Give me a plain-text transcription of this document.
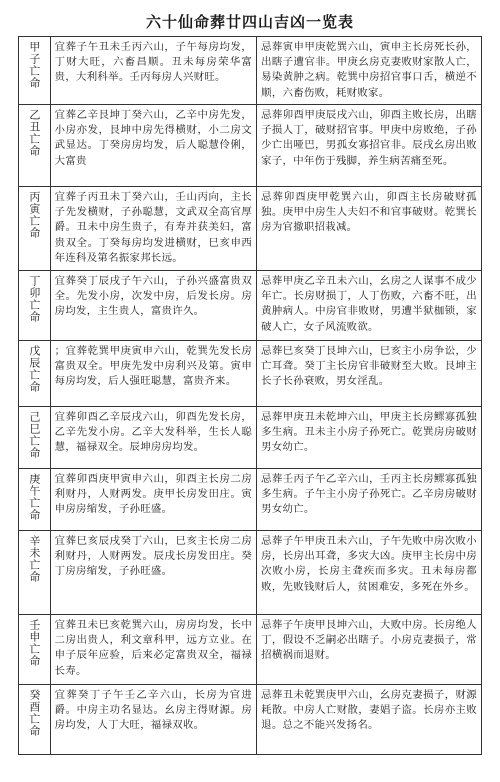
六十仙命葬廿四山吉凶一览表
甲子亡命	宜葬子午丑未壬丙六山，子午每房均发，丁财大旺，六畜昌顺。丑未每房荣华富贵，大利科举。壬丙每房人兴财旺。	忌葬寅申甲庚乾巽六山，寅申主长房死长孙，出瞎子遭官非。甲庚幺房克妻败财家散人亡，易染黄肿之病。乾巽中房招官事口舌，横逆不顺，六畜伤败，耗财败家。
乙丑亡命	宜葬乙辛艮坤丁癸六山，乙辛中房先发，小房亦发，艮坤中房先得横财，小二房文武显达。丁癸房房均发，后人聪慧伶俐，大富贵	忌葬卯酉甲庚辰戌六山，卯酉主败长房，出瞎子损人丁，破财招官事。甲庚中房败绝，子孙少亡出哑巴，男孤女寡招官非。辰戌幺房出败家子，中年伤于残脚，养生病苦痛至死。
丙寅亡命	宜葬子丙丑未丁癸六山，壬山丙向，主长子先发横财，子孙聪慧，文武双全高官厚爵。丑未中房生贵子，有寿并获美妇，富贵双全。丁癸每房均发进横财，巳亥申西年连科及第名振家邦长远。	忌葬卯酉庚甲乾巽六山，卯酉主长房破财孤独。庚甲中房生人夫妇不和官事破财。乾巽长房为官撤职招栽减。
丁卯亡命	宜葬癸丁辰戌子午六山，子孙兴盛富贵双全。先发小房，次发中房，后发长房。房房均发，主生贵人，富贵许久。	忌葬甲庚乙辛丑未六山，幺房之人谋事不成少年亡。长房财损丁，人丁伤败，六畜不旺，出黄肿病人。中房官非败财，男遭半狱枷锁，家破人亡，女子风流败欲。
戊辰亡命	；宜葬乾巽甲庚寅申六山，乾巽先发长房富贵双全。甲庚先发中房利兴及第。寅申每房均发，后人强旺聪慧，富贵齐来。	忌葬巳亥癸丁艮坤六山，巳亥主小房争讼，少亡耳聋。癸丁主长房官非破财至大败。艮坤主长子长孙衰败，男女淫乱。
己巳亡命	宜葬卯酉乙辛辰戌六山，卯酉先发长房，乙辛先发小房。乙辛大发科举，生长人聪慧，福禄双全。辰坤房房均发。	忌葬甲庚丑未乾坤六山，甲庚主长房鳏寡孤独多生病。丑未主小房子孙死亡。乾巽房房破财男女幼亡。
庚午亡命	宜葬卯酉庚甲寅申六山，卯酉主长房二房利财丹，人财两发。庚甲长房发田庄。寅申房房缩发，子孙旺盛。	忌葬壬丙子午乙辛六山，壬丙主长房鳏寡孤独多生病。子午主小房子孙死亡。乙辛房房破财男女幼亡。
辛未亡命	宜葬巳亥辰戌癸丁六山，巳亥主长房二房利财丹，人财两发。辰戌长房发田庄。癸丁房房缩发，子孙旺盛。	忌葬子午甲庚丑未六山，子午先败中房次败小房，长房出耳聋，多灾大凶。庚甲主长房中房次败小房，长房主聋疾而多灾。丑未每房都败，先败钱财后人，贫困难安，多死在外乡。
壬申亡命	宜葬丑未巳亥乾巽六山，房房均发，长中二房出贵人，利文章科甲，远方立业。在申子辰年应验，后来必定富贵双全，福禄长寿。	忌葬子午庚甲艮坤六山，大败中房。长房绝人丁，假设不乏嗣必出瞎子。小房克妻损子，常招横祸而退财。
癸酉亡命	宜葬癸丁子午壬乙辛六山，长房为官进爵。中房主功名显达。幺房主得财源。房房均发，人丁大旺，福禄双收。	忌葬丑未乾巽庚甲六山，幺房克妻损子，财源耗散。中房人亡财散，妻娼子盗。长房亦主败退。总之不能兴发扬名。
